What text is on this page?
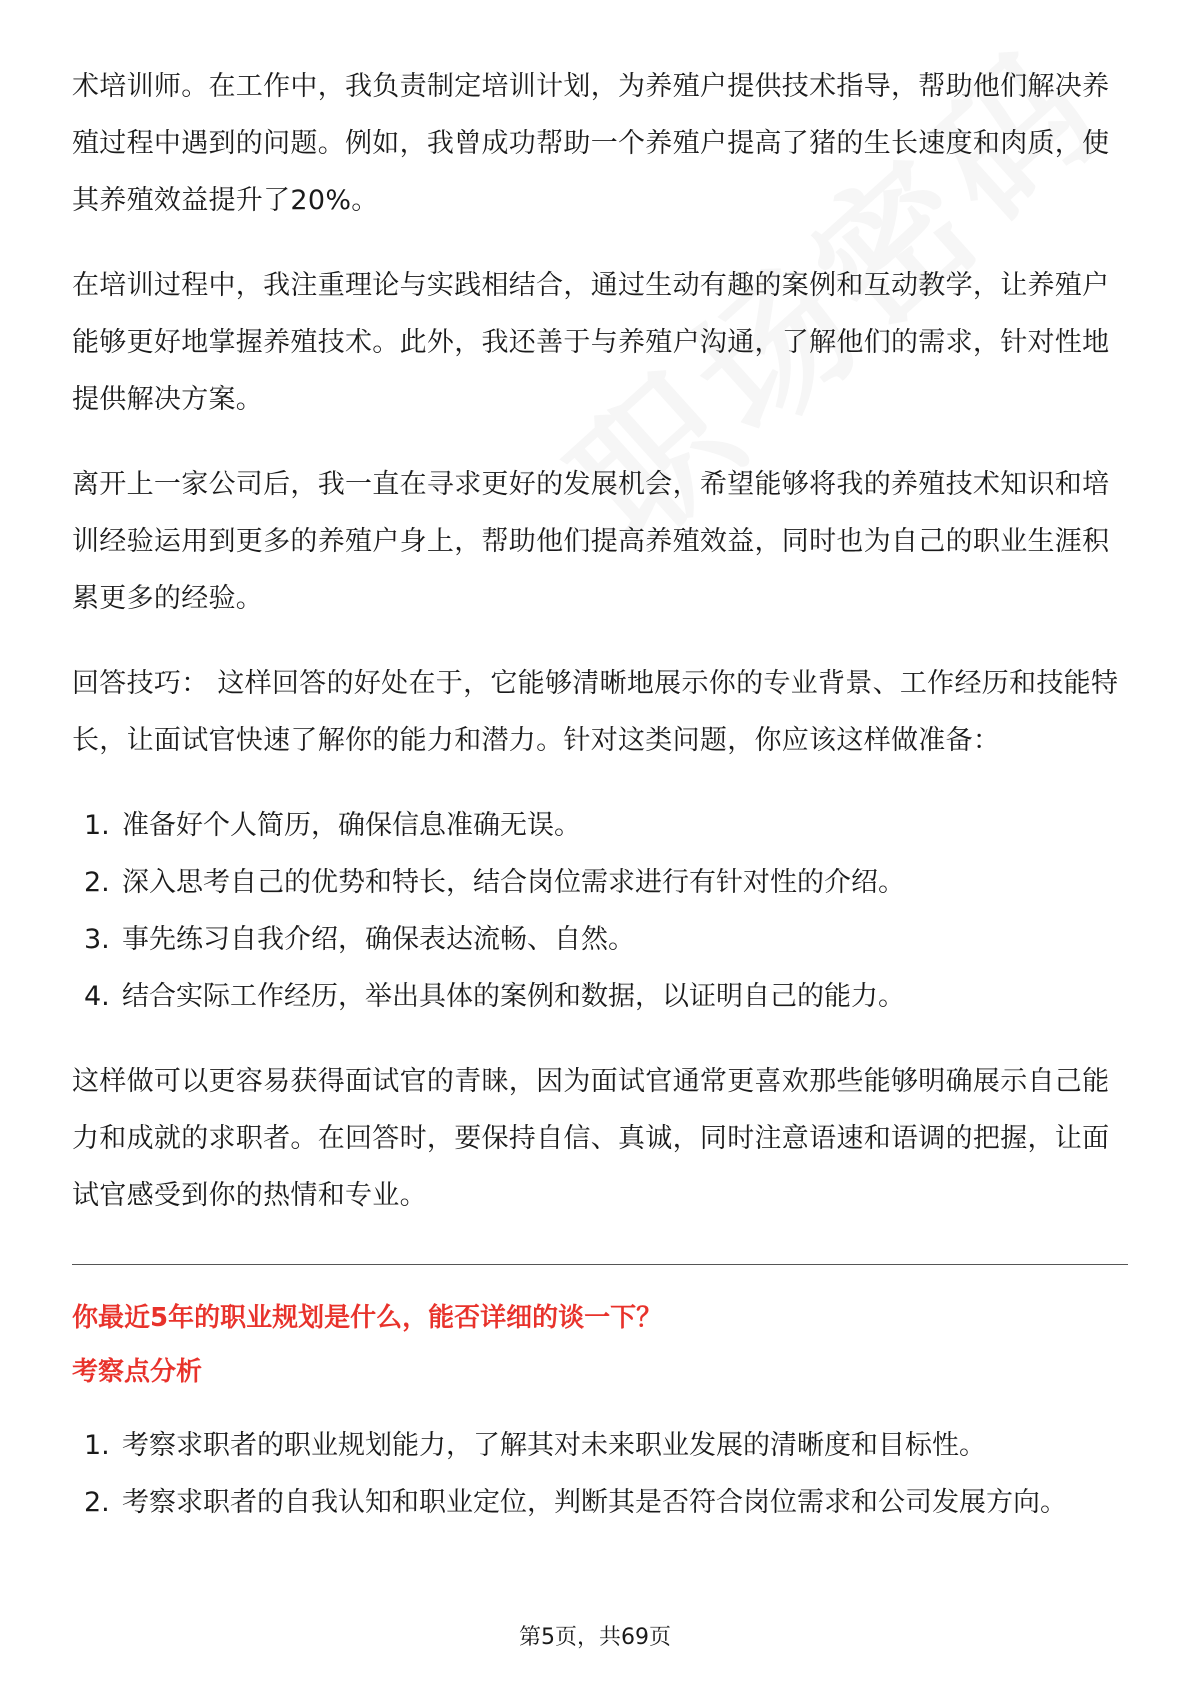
术培训师。在工作中，我负责制定培训计划，为养殖户提供技术指导，帮助他们解决养殖过程中遇到的问题。例如，我曾成功帮助一个养殖户提高了猪的生长速度和肉质，使其养殖效益提升了20%。

在培训过程中，我注重理论与实践相结合，通过生动有趣的案例和互动教学，让养殖户能够更好地掌握养殖技术。此外，我还善于与养殖户沟通，了解他们的需求，针对性地提供解决方案。

离开上一家公司后，我一直在寻求更好的发展机会，希望能够将我的养殖技术知识和培训经验运用到更多的养殖户身上，帮助他们提高养殖效益，同时也为自己的职业生涯积累更多的经验。

回答技巧： 这样回答的好处在于，它能够清晰地展示你的专业背景、工作经历和技能特长，让面试官快速了解你的能力和潜力。针对这类问题，你应该这样做准备：

1. 准备好个人简历，确保信息准确无误。
2. 深入思考自己的优势和特长，结合岗位需求进行有针对性的介绍。
3. 事先练习自我介绍，确保表达流畅、自然。
4. 结合实际工作经历，举出具体的案例和数据，以证明自己的能力。

这样做可以更容易获得面试官的青睐，因为面试官通常更喜欢那些能够明确展示自己能力和成就的求职者。在回答时，要保持自信、真诚，同时注意语速和语调的把握，让面试官感受到你的热情和专业。

你最近5年的职业规划是什么，能否详细的谈一下？
考察点分析
1. 考察求职者的职业规划能力，了解其对未来职业发展的清晰度和目标性。
2. 考察求职者的自我认知和职业定位，判断其是否符合岗位需求和公司发展方向。
第5页，共69页
